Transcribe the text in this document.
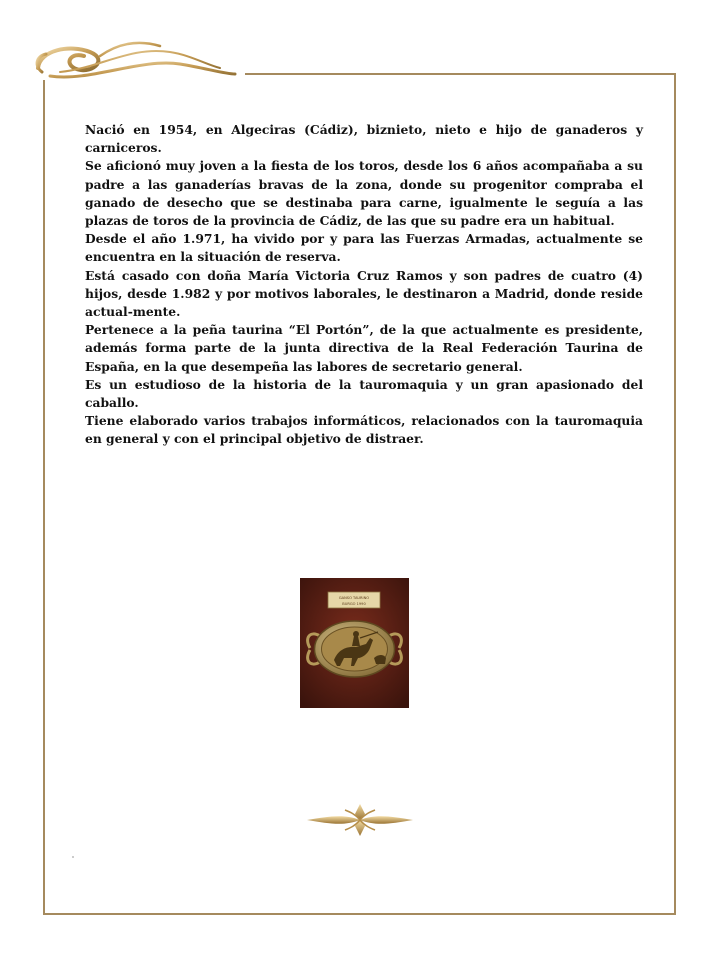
Nació en 1954, en Algeciras (Cádiz), biznieto, nieto e hijo de ganaderos y carniceros.

Se aficionó muy joven a la fiesta de los toros, desde los 6 años acompañaba a su padre a las ganaderías bravas de la zona, donde su progenitor compraba el ganado de desecho que se destinaba para carne, igualmente le seguía a las plazas de toros de la provincia de Cádiz, de las que su padre era un habitual.

Desde el año 1.971, ha vivido por y para las Fuerzas Armadas, actualmente se encuentra en la situación de reserva.

Está casado con doña María Victoria Cruz Ramos y son padres de cuatro (4) hijos, desde 1.982 y por motivos laborales, le destinaron a Madrid, donde reside actual-mente.

Pertenece a la peña taurina “El Portón”, de la que actualmente es presidente, además forma parte de la junta directiva de la Real Federación Taurina de España, en la que desempeña las labores de secretario general.

Es un estudioso de la historia de la tauromaquia y un gran apasionado del caballo.

Tiene elaborado varios trabajos informáticos, relacionados con la tauromaquia en general y con el principal objetivo de distraer.

GANSO TAURINO
BURGO 1990
